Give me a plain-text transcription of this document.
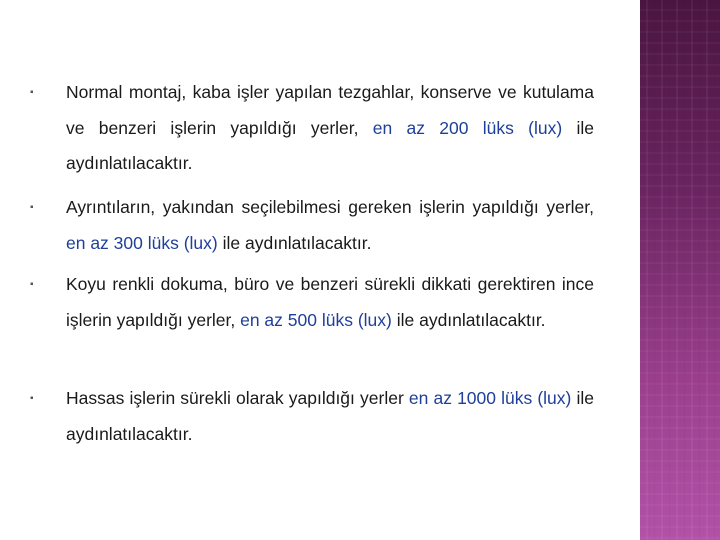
▪	Normal montaj, kaba işler yapılan tezgahlar, konserve ve kutulama ve benzeri işlerin yapıldığı yerler, en az 200 lüks (lux) ile aydınlatılacaktır.
▪	Ayrıntıların, yakından seçilebilmesi gereken işlerin yapıldığı yerler, en az 300 lüks (lux) ile aydınlatılacaktır.
▪	Koyu renkli dokuma, büro ve benzeri sürekli dikkati gerektiren ince işlerin yapıldığı yerler, en az 500 lüks (lux) ile aydınlatılacaktır.
▪	Hassas işlerin sürekli olarak yapıldığı yerler en az 1000 lüks (lux) ile aydınlatılacaktır.
